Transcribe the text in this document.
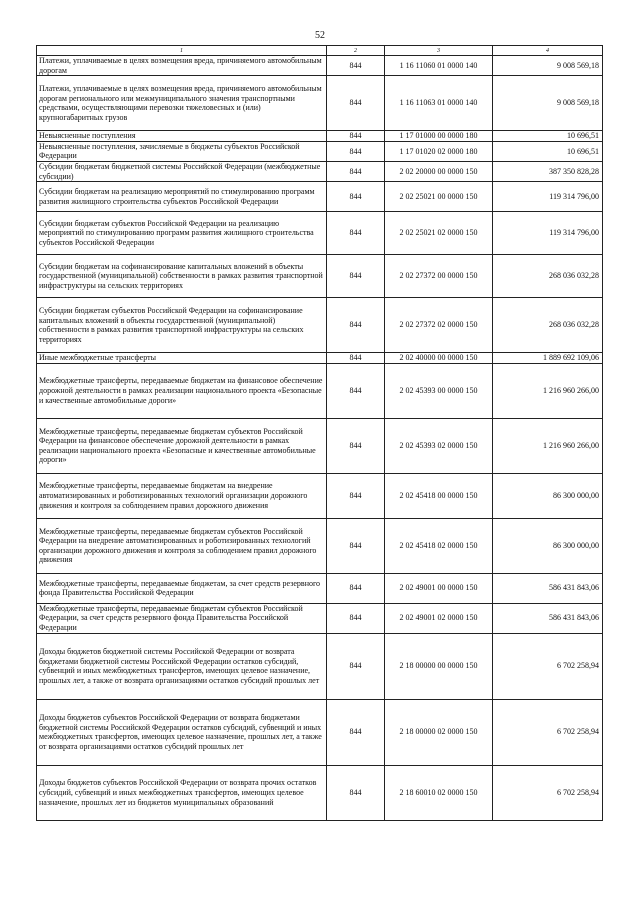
52
1	2	3	4
Платежи, уплачиваемые в целях возмещения вреда, причиняемого автомобильным дорогам	844	1 16 11060 01 0000 140	9 008 569,18
Платежи, уплачиваемые в целях возмещения вреда, причиняемого автомобильным дорогам регионального или межмуниципального значения транспортными средствами, осуществляющими перевозки тяжеловесных и (или) крупногабаритных грузов	844	1 16 11063 01 0000 140	9 008 569,18
Невыясненные поступления	844	1 17 01000 00 0000 180	10 696,51
Невыясненные поступления, зачисляемые в бюджеты субъектов Российской Федерации	844	1 17 01020 02 0000 180	10 696,51
Субсидии бюджетам бюджетной системы Российской Федерации (межбюджетные субсидии)	844	2 02 20000 00 0000 150	387 350 828,28
Субсидии бюджетам на реализацию мероприятий по стимулированию программ развития жилищного строительства субъектов Российской Федерации	844	2 02 25021 00 0000 150	119 314 796,00
Субсидии бюджетам субъектов Российской Федерации на реализацию мероприятий по стимулированию программ развития жилищного строительства субъектов Российской Федерации	844	2 02 25021 02 0000 150	119 314 796,00
Субсидии бюджетам на софинансирование капитальных вложений в объекты государственной (муниципальной) собственности в рамках развития транспортной инфраструктуры на сельских территориях	844	2 02 27372 00 0000 150	268 036 032,28
Субсидии бюджетам субъектов Российской Федерации на софинансирование капитальных вложений в объекты государственной (муниципальной) собственности в рамках развития транспортной инфраструктуры на сельских территориях	844	2 02 27372 02 0000 150	268 036 032,28
Иные межбюджетные трансферты	844	2 02 40000 00 0000 150	1 889 692 109,06
Межбюджетные трансферты, передаваемые бюджетам на финансовое обеспечение дорожной деятельности в рамках реализации национального проекта «Безопасные и качественные автомобильные дороги»	844	2 02 45393 00 0000 150	1 216 960 266,00
Межбюджетные трансферты, передаваемые бюджетам субъектов Российской Федерации на финансовое обеспечение дорожной деятельности в рамках реализации национального проекта «Безопасные и качественные автомобильные дороги»	844	2 02 45393 02 0000 150	1 216 960 266,00
Межбюджетные трансферты, передаваемые бюджетам на внедрение автоматизированных и роботизированных технологий организации дорожного движения и контроля за соблюдением правил дорожного движения	844	2 02 45418 00 0000 150	86 300 000,00
Межбюджетные трансферты, передаваемые бюджетам субъектов Российской Федерации на внедрение автоматизированных и роботизированных технологий организации дорожного движения и контроля за соблюдением правил дорожного движения	844	2 02 45418 02 0000 150	86 300 000,00
Межбюджетные трансферты, передаваемые бюджетам, за счет средств резервного фонда Правительства Российской Федерации	844	2 02 49001 00 0000 150	586 431 843,06
Межбюджетные трансферты, передаваемые бюджетам субъектов Российской Федерации, за счет средств резервного фонда Правительства Российской Федерации	844	2 02 49001 02 0000 150	586 431 843,06
Доходы бюджетов бюджетной системы Российской Федерации от возврата бюджетами бюджетной системы Российской Федерации остатков субсидий, субвенций и иных межбюджетных трансфертов, имеющих целевое назначение, прошлых лет, а также от возврата организациями остатков субсидий прошлых лет	844	2 18 00000 00 0000 150	6 702 258,94
Доходы бюджетов субъектов Российской Федерации от возврата бюджетами бюджетной системы Российской Федерации остатков субсидий, субвенций и иных межбюджетных трансфертов, имеющих целевое назначение, прошлых лет, а также от возврата организациями остатков субсидий прошлых лет	844	2 18 00000 02 0000 150	6 702 258,94
Доходы бюджетов субъектов Российской Федерации от возврата прочих остатков субсидий, субвенций и иных межбюджетных трансфертов, имеющих целевое назначение, прошлых лет из бюджетов муниципальных образований	844	2 18 60010 02 0000 150	6 702 258,94
